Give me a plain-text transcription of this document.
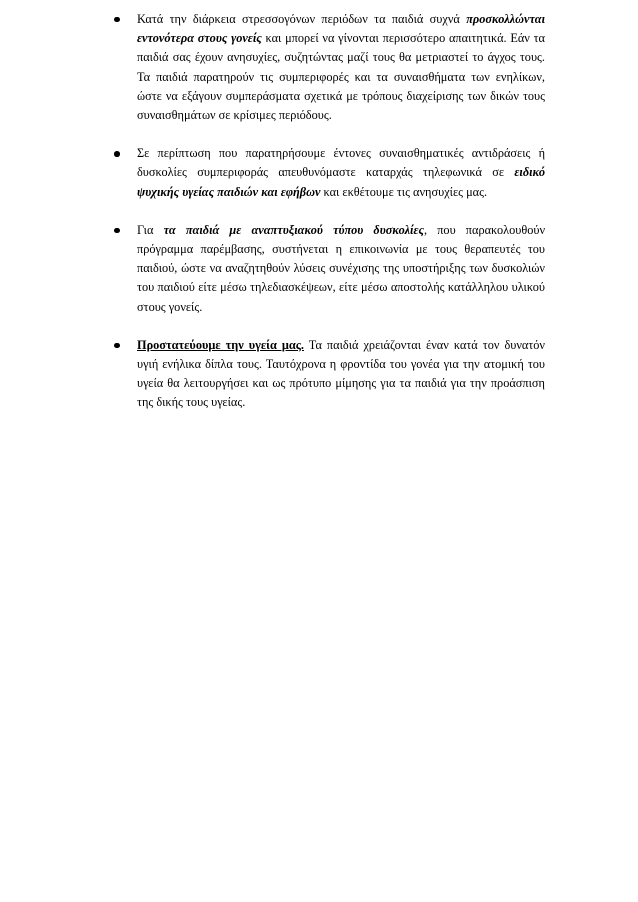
Κατά την διάρκεια στρεσσογόνων περιόδων τα παιδιά συχνά προσκολλώνται εντονότερα στους γονείς και μπορεί να γίνονται περισσότερο απαιτητικά. Εάν τα παιδιά σας έχουν ανησυχίες, συζητώντας μαζί τους θα μετριαστεί το άγχος τους. Τα παιδιά παρατηρούν τις συμπεριφορές και τα συναισθήματα των ενηλίκων, ώστε να εξάγουν συμπεράσματα σχετικά με τρόπους διαχείρισης των δικών τους συναισθημάτων σε κρίσιμες περιόδους.
Σε περίπτωση που παρατηρήσουμε έντονες συναισθηματικές αντιδράσεις ή δυσκολίες συμπεριφοράς απευθυνόμαστε καταρχάς τηλεφωνικά σε ειδικό ψυχικής υγείας παιδιών και εφήβων και εκθέτουμε τις ανησυχίες μας.
Για τα παιδιά με αναπτυξιακού τύπου δυσκολίες, που παρακολουθούν πρόγραμμα παρέμβασης, συστήνεται η επικοινωνία με τους θεραπευτές του παιδιού, ώστε να αναζητηθούν λύσεις συνέχισης της υποστήριξης των δυσκολιών του παιδιού είτε μέσω τηλεδιασκέψεων, είτε μέσω αποστολής κατάλληλου υλικού στους γονείς.
Προστατεύουμε την υγεία μας. Τα παιδιά χρειάζονται έναν κατά τον δυνατόν υγιή ενήλικα δίπλα τους. Ταυτόχρονα η φροντίδα του γονέα για την ατομική του υγεία θα λειτουργήσει και ως πρότυπο μίμησης για τα παιδιά για την προάσπιση της δικής τους υγείας.
